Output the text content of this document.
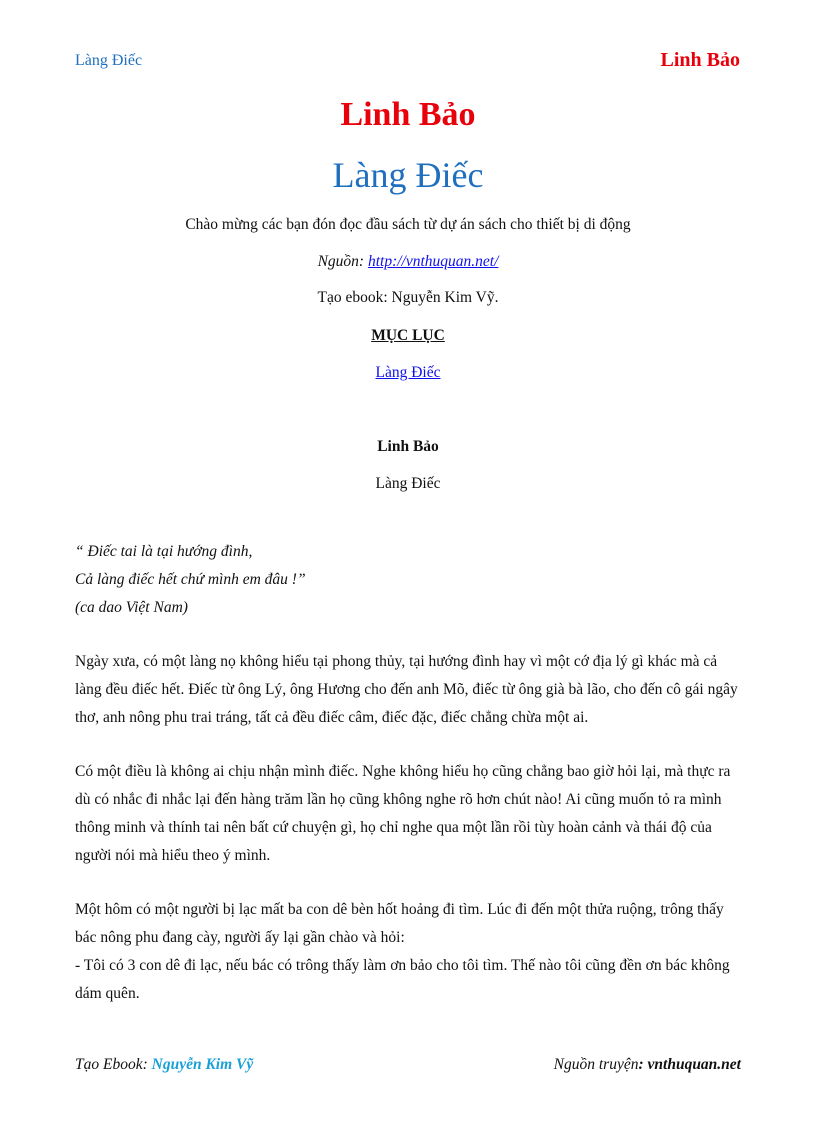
Làng Điếc	Linh Bảo
Linh Bảo
Làng Điếc
Chào mừng các bạn đón đọc đầu sách từ dự án sách cho thiết bị di động
Nguồn: http://vnthuquan.net/
Tạo ebook: Nguyễn Kim Vỹ.
MỤC LỤC
Làng Điếc
Linh Bảo
Làng Điếc
“ Điếc tai là tại hướng đình,
Cả làng điếc hết chứ mình em đâu !”
(ca dao Việt Nam)

Ngày xưa, có một làng nọ không hiểu tại phong thủy, tại hướng đình hay vì một cớ địa lý gì khác mà cả làng đều điếc hết. Điếc từ ông Lý, ông Hương cho đến anh Mõ, điếc từ ông già bà lão, cho đến cô gái ngây thơ, anh nông phu trai tráng, tất cả đều điếc câm, điếc đặc, điếc chẳng chừa một ai.

Có một điều là không ai chịu nhận mình điếc. Nghe không hiểu họ cũng chẳng bao giờ hỏi lại, mà thực ra dù có nhắc đi nhắc lại đến hàng trăm lần họ cũng không nghe rõ hơn chút nào! Ai cũng muốn tỏ ra mình thông minh và thính tai nên bất cứ chuyện gì, họ chỉ nghe qua một lần rồi tùy hoàn cảnh và thái độ của người nói mà hiểu theo ý mình.

Một hôm có một người bị lạc mất ba con dê bèn hốt hoảng đi tìm. Lúc đi đến một thửa ruộng, trông thấy bác nông phu đang cày, người ấy lại gần chào và hỏi:
- Tôi có 3 con dê đi lạc, nếu bác có trông thấy làm ơn bảo cho tôi tìm. Thế nào tôi cũng đền ơn bác không dám quên.
Tạo Ebook: Nguyễn Kim Vỹ	Nguồn truyện: vnthuquan.net
